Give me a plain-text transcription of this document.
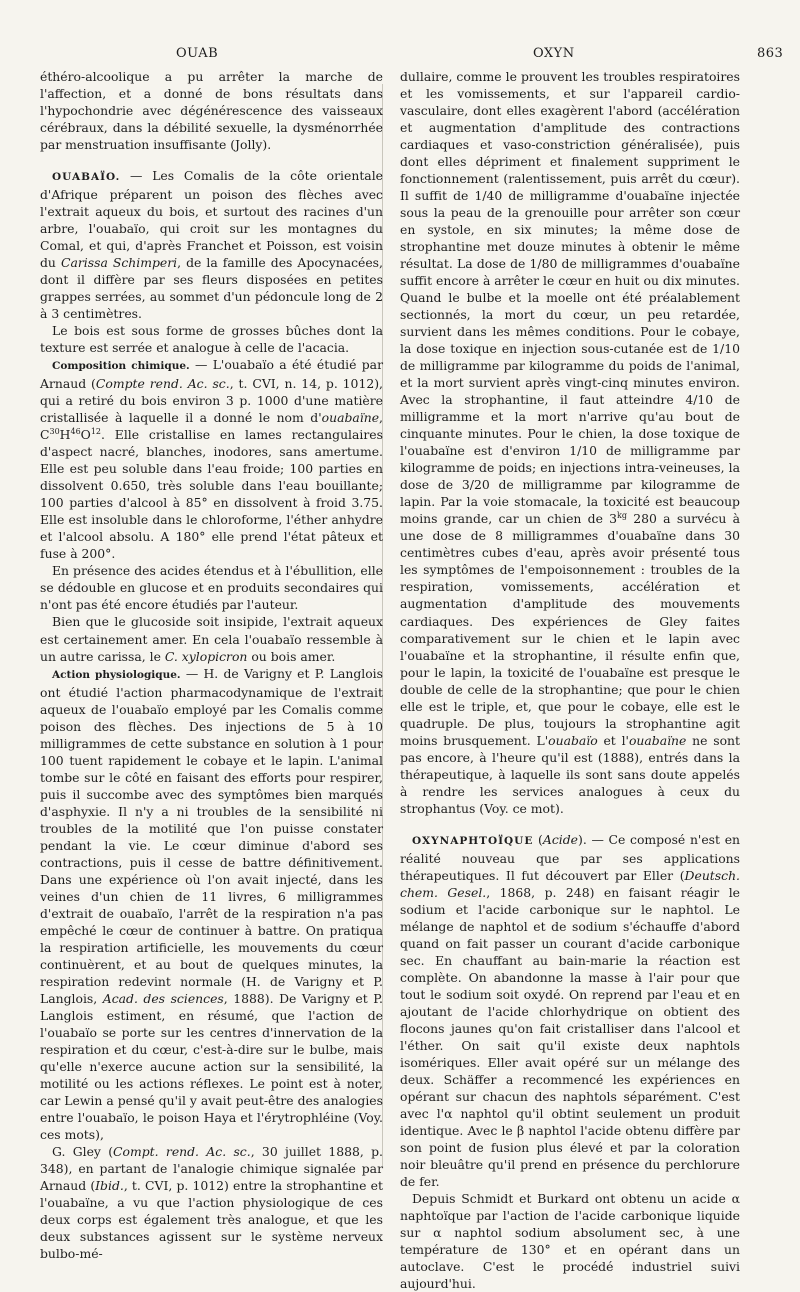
OUAB	OXYN	863

éthéro-alcoolique a pu arrêter la marche de l'affection, et a donné de bons résultats dans l'hypochondrie avec dégénérescence des vaisseaux cérébraux, dans la débilité sexuelle, la dysménorrhée par menstruation insuffisante (Jolly).

OUABAÏO. — Les Comalis de la côte orientale d'Afrique préparent un poison des flèches avec l'extrait aqueux du bois, et surtout des racines d'un arbre, l'ouabaïo, qui croit sur les montagnes du Comal, et qui, d'après Franchet et Poisson, est voisin du Carissa Schimperi, de la famille des Apocynacées, dont il diffère par ses fleurs disposées en petites grappes serrées, au sommet d'un pédoncule long de 2 à 3 centimètres.

Le bois est sous forme de grosses bûches dont la texture est serrée et analogue à celle de l'acacia.

Composition chimique. — L'ouabaïo a été étudié par Arnaud (Compte rend. Ac. sc., t. CVI, n. 14, p. 1012), qui a retiré du bois environ 3 p. 1000 d'une matière cristallisée à laquelle il a donné le nom d'ouabaïne, $C^{30}H^{46}O^{12}$. Elle cristallise en lames rectangulaires d'aspect nacré, blanches, inodores, sans amertume. Elle est peu soluble dans l'eau froide; 100 parties en dissolvent 0.650, très soluble dans l'eau bouillante; 100 parties d'alcool à 85° en dissolvent à froid 3.75. Elle est insoluble dans le chloroforme, l'éther anhydre et l'alcool absolu. A 180° elle prend l'état pâteux et fuse à 200°.

En présence des acides étendus et à l'ébullition, elle se dédouble en glucose et en produits secondaires qui n'ont pas été encore étudiés par l'auteur.

Bien que le glucoside soit insipide, l'extrait aqueux est certainement amer. En cela l'ouabaïo ressemble à un autre carissa, le C. xylopicron ou bois amer.

Action physiologique. — H. de Varigny et P. Langlois ont étudié l'action pharmacodynamique de l'extrait aqueux de l'ouabaïo employé par les Comalis comme poison des flèches. Des injections de 5 à 10 milligrammes de cette substance en solution à 1 pour 100 tuent rapidement le cobaye et le lapin. L'animal tombe sur le côté en faisant des efforts pour respirer, puis il succombe avec des symptômes bien marqués d'asphyxie. Il n'y a ni troubles de la sensibilité ni troubles de la motilité que l'on puisse constater pendant la vie. Le cœur diminue d'abord ses contractions, puis il cesse de battre définitivement. Dans une expérience où l'on avait injecté, dans les veines d'un chien de 11 livres, 6 milligrammes d'extrait de ouabaïo, l'arrêt de la respiration n'a pas empêché le cœur de continuer à battre. On pratiqua la respiration artificielle, les mouvements du cœur continuèrent, et au bout de quelques minutes, la respiration redevint normale (H. de Varigny et P. Langlois, Acad. des sciences, 1888). De Varigny et P. Langlois estiment, en résumé, que l'action de l'ouabaïo se porte sur les centres d'innervation de la respiration et du cœur, c'est-à-dire sur le bulbe, mais qu'elle n'exerce aucune action sur la sensibilité, la motilité ou les actions réflexes. Le point est à noter, car Lewin a pensé qu'il y avait peut-être des analogies entre l'ouabaïo, le poison Haya et l'érytrophléine (Voy. ces mots),

G. Gley (Compt. rend. Ac. sc., 30 juillet 1888, p. 348), en partant de l'analogie chimique signalée par Arnaud (Ibid., t. CVI, p. 1012) entre la strophantine et l'ouabaïne, a vu que l'action physiologique de ces deux corps est également très analogue, et que les deux substances agissent sur le système nerveux bulbo-mé-

dullaire, comme le prouvent les troubles respiratoires et les vomissements, et sur l'appareil cardio-vasculaire, dont elles exagèrent l'abord (accélération et augmentation d'amplitude des contractions cardiaques et vaso-constriction généralisée), puis dont elles dépriment et finalement suppriment le fonctionnement (ralentissement, puis arrêt du cœur). Il suffit de 1/40 de milligramme d'ouabaïne injectée sous la peau de la grenouille pour arrêter son cœur en systole, en six minutes; la même dose de strophantine met douze minutes à obtenir le même résultat. La dose de 1/80 de milligrammes d'ouabaïne suffit encore à arrêter le cœur en huit ou dix minutes. Quand le bulbe et la moelle ont été préalablement sectionnés, la mort du cœur, un peu retardée, survient dans les mêmes conditions. Pour le cobaye, la dose toxique en injection sous-cutanée est de 1/10 de milligramme par kilogramme du poids de l'animal, et la mort survient après vingt-cinq minutes environ. Avec la strophantine, il faut atteindre 4/10 de milligramme et la mort n'arrive qu'au bout de cinquante minutes. Pour le chien, la dose toxique de l'ouabaïne est d'environ 1/10 de milligramme par kilogramme de poids; en injections intra-veineuses, la dose de 3/20 de milligramme par kilogramme de lapin. Par la voie stomacale, la toxicité est beaucoup moins grande, car un chien de $3^{kg}$ 280 a survécu à une dose de 8 milligrammes d'ouabaïne dans 30 centimètres cubes d'eau, après avoir présenté tous les symptômes de l'empoisonnement : troubles de la respiration, vomissements, accélération et augmentation d'amplitude des mouvements cardiaques. Des expériences de Gley faites comparativement sur le chien et le lapin avec l'ouabaïne et la strophantine, il résulte enfin que, pour le lapin, la toxicité de l'ouabaïne est presque le double de celle de la strophantine; que pour le chien elle est le triple, et, que pour le cobaye, elle est le quadruple. De plus, toujours la strophantine agit moins brusquement. L'ouabaïo et l'ouabaïne ne sont pas encore, à l'heure qu'il est (1888), entrés dans la thérapeutique, à laquelle ils sont sans doute appelés à rendre les services analogues à ceux du strophantus (Voy. ce mot).

OXYNAPHTOÏQUE (Acide). — Ce composé n'est en réalité nouveau que par ses applications thérapeutiques. Il fut découvert par Eller (Deutsch. chem. Gesel., 1868, p. 248) en faisant réagir le sodium et l'acide carbonique sur le naphtol. Le mélange de naphtol et de sodium s'échauffe d'abord quand on fait passer un courant d'acide carbonique sec. En chauffant au bain-marie la réaction est complète. On abandonne la masse à l'air pour que tout le sodium soit oxydé. On reprend par l'eau et en ajoutant de l'acide chlorhydrique on obtient des flocons jaunes qu'on fait cristalliser dans l'alcool et l'éther. On sait qu'il existe deux naphtols isomériques. Eller avait opéré sur un mélange des deux. Schäffer a recommencé les expériences en opérant sur chacun des naphtols séparément. C'est avec l'α naphtol qu'il obtint seulement un produit identique. Avec le β naphtol l'acide obtenu diffère par son point de fusion plus élevé et par la coloration noir bleuâtre qu'il prend en présence du perchlorure de fer.

Depuis Schmidt et Burkard ont obtenu un acide α naphtoïque par l'action de l'acide carbonique liquide sur α naphtol sodium absolument sec, à une température de 130° et en opérant dans un autoclave. C'est le procédé industriel suivi aujourd'hui.
